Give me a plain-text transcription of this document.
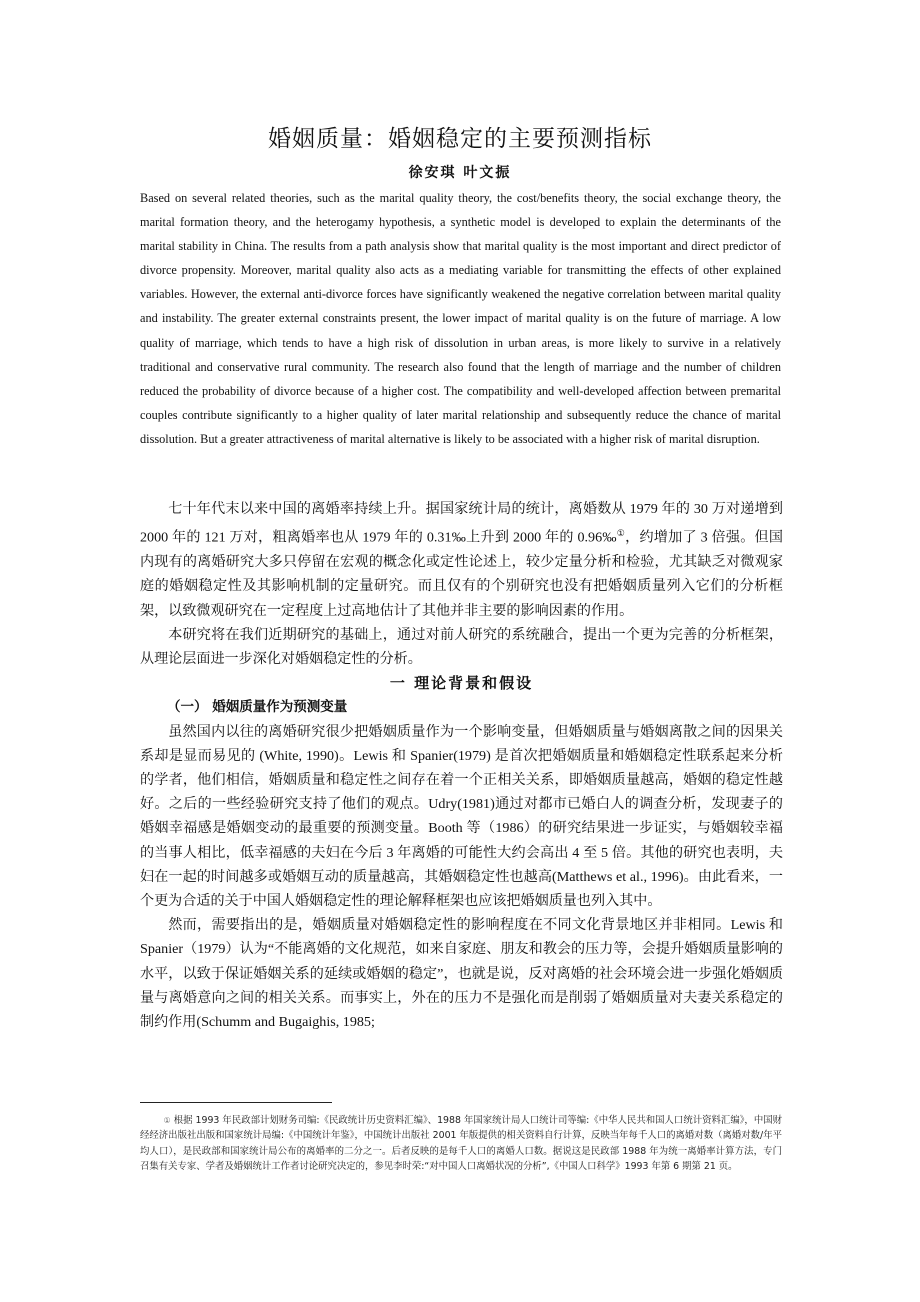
婚姻质量：婚姻稳定的主要预测指标
徐安琪 叶文振

Based on several related theories, such as the marital quality theory, the cost/benefits theory, the social exchange theory, the marital formation theory, and the heterogamy hypothesis, a synthetic model is developed to explain the determinants of the marital stability in China. The results from a path analysis show that marital quality is the most important and direct predictor of divorce propensity. Moreover, marital quality also acts as a mediating variable for transmitting the effects of other explained variables. However, the external anti-divorce forces have significantly weakened the negative correlation between marital quality and instability. The greater external constraints present, the lower impact of marital quality is on the future of marriage. A low quality of marriage, which tends to have a high risk of dissolution in urban areas, is more likely to survive in a relatively traditional and conservative rural community. The research also found that the length of marriage and the number of children reduced the probability of divorce because of a higher cost. The compatibility and well-developed affection between premarital couples contribute significantly to a higher quality of later marital relationship and subsequently reduce the chance of marital dissolution. But a greater attractiveness of marital alternative is likely to be associated with a higher risk of marital disruption.

七十年代末以来中国的离婚率持续上升。据国家统计局的统计，离婚数从 1979 年的 30 万对递增到 2000 年的 121 万对，粗离婚率也从 1979 年的 0.31‰上升到 2000 年的 0.96‰①，约增加了 3 倍强。但国内现有的离婚研究大多只停留在宏观的概念化或定性论述上，较少定量分析和检验，尤其缺乏对微观家庭的婚姻稳定性及其影响机制的定量研究。而且仅有的个别研究也没有把婚姻质量列入它们的分析框架，以致微观研究在一定程度上过高地估计了其他并非主要的影响因素的作用。

本研究将在我们近期研究的基础上，通过对前人研究的系统融合，提出一个更为完善的分析框架，从理论层面进一步深化对婚姻稳定性的分析。

一 理论背景和假设
（一） 婚姻质量作为预测变量

虽然国内以往的离婚研究很少把婚姻质量作为一个影响变量，但婚姻质量与婚姻离散之间的因果关系却是显而易见的 (White, 1990)。Lewis 和 Spanier(1979) 是首次把婚姻质量和婚姻稳定性联系起来分析的学者，他们相信，婚姻质量和稳定性之间存在着一个正相关关系，即婚姻质量越高，婚姻的稳定性越好。之后的一些经验研究支持了他们的观点。Udry(1981)通过对都市已婚白人的调查分析，发现妻子的婚姻幸福感是婚姻变动的最重要的预测变量。Booth 等（1986）的研究结果进一步证实，与婚姻较幸福的当事人相比，低幸福感的夫妇在今后 3 年离婚的可能性大约会高出 4 至 5 倍。其他的研究也表明，夫妇在一起的时间越多或婚姻互动的质量越高，其婚姻稳定性也越高(Matthews et al., 1996)。由此看来，一个更为合适的关于中国人婚姻稳定性的理论解释框架也应该把婚姻质量也列入其中。

然而，需要指出的是，婚姻质量对婚姻稳定性的影响程度在不同文化背景地区并非相同。Lewis 和 Spanier（1979）认为“不能离婚的文化规范，如来自家庭、朋友和教会的压力等，会提升婚姻质量影响的水平，以致于保证婚姻关系的延续或婚姻的稳定”，也就是说，反对离婚的社会环境会进一步强化婚姻质量与离婚意向之间的相关关系。而事实上，外在的压力不是强化而是削弱了婚姻质量对夫妻关系稳定的制约作用(Schumm and Bugaighis, 1985;

① 根据 1993 年民政部计划财务司编:《民政统计历史资料汇编》、1988 年国家统计局人口统计司等编:《中华人民共和国人口统计资料汇编》，中国财经经济出版社出版和国家统计局编:《中国统计年鉴》，中国统计出版社 2001 年版提供的相关资料自行计算，反映当年每千人口的离婚对数（离婚对数/年平均人口），是民政部和国家统计局公布的离婚率的二分之一。后者反映的是每千人口的离婚人口数。据说这是民政部 1988 年为统一离婚率计算方法，专门召集有关专家、学者及婚姻统计工作者讨论研究决定的，参见李时荣:“对中国人口离婚状况的分析”,《中国人口科学》1993 年第 6 期第 21 页。
